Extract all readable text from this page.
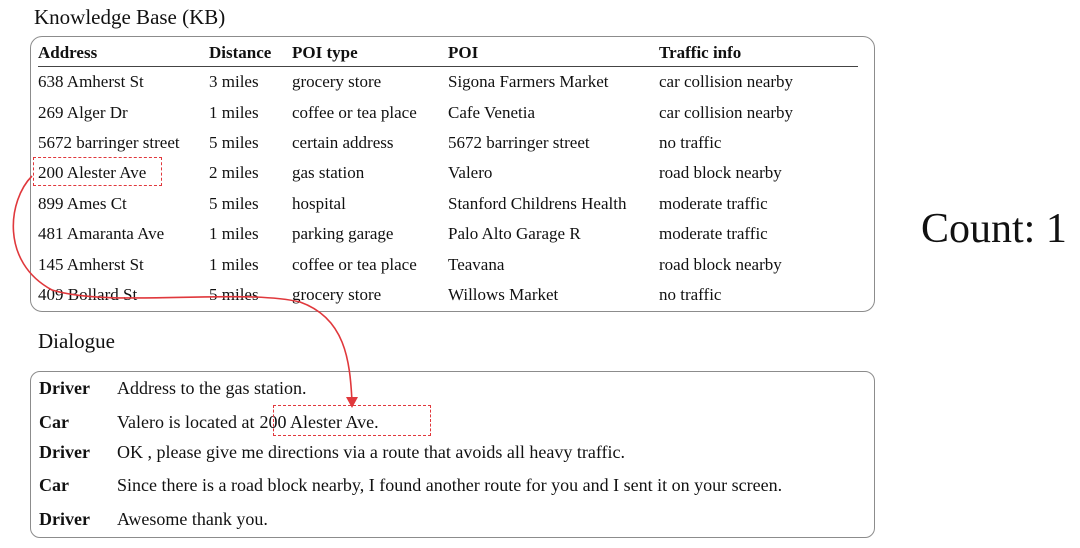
Knowledge Base (KB)
Address	Distance	POI type	POI	Traffic info
638 Amherst St	3 miles	grocery store	Sigona Farmers Market	car collision nearby
269 Alger Dr	1 miles	coffee or tea place	Cafe Venetia	car collision nearby
5672 barringer street	5 miles	certain address	5672 barringer street	no traffic
200 Alester Ave	2 miles	gas station	Valero	road block nearby
899 Ames Ct	5 miles	hospital	Stanford Childrens Health	moderate traffic
481 Amaranta Ave	1 miles	parking garage	Palo Alto Garage R	moderate traffic
145 Amherst St	1 miles	coffee or tea place	Teavana	road block nearby
409 Bollard St	5 miles	grocery store	Willows Market	no traffic
Dialogue
Driver Address to the gas station.
Car	Valero is located at 200 Alester Ave.
Driver OK , please give me directions via a route that avoids all heavy traffic.
Car	Since there is a road block nearby, I found another route for you and I sent it on your screen.
Driver Awesome thank you.
Count: 1
